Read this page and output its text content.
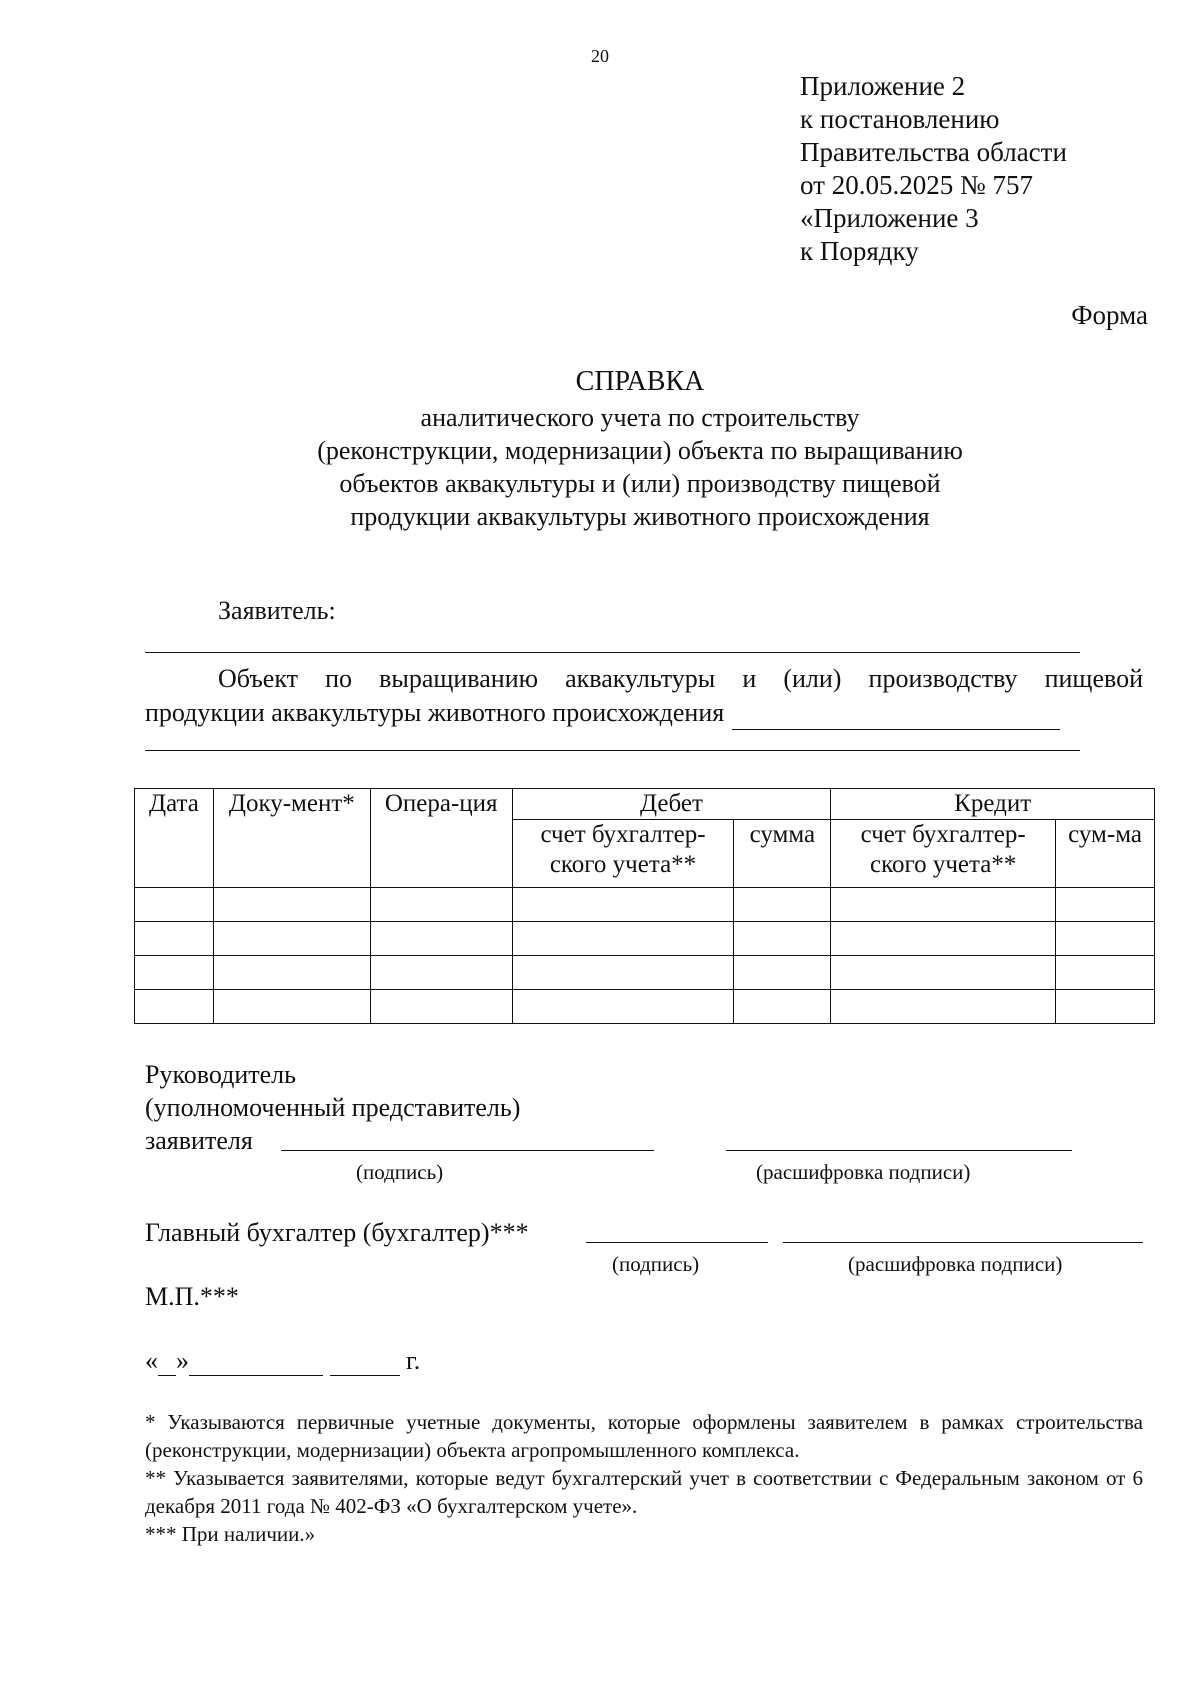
20
Приложение 2
к постановлению
Правительства области
от 20.05.2025 № 757
«Приложение 3
к Порядку
Форма
СПРАВКА
аналитического учета по строительству
(реконструкции, модернизации) объекта по выращиванию
объектов аквакультуры и (или) производству пищевой
продукции аквакультуры животного происхождения
Заявитель:
Объект по выращиванию аквакультуры и (или) производству пищевой
продукции аквакультуры животного происхождения
Дата	Доку-мент*	Опера-ция	Дебет		Кредит	
			счет бухгалтер-ского учета**	сумма	счет бухгалтер-ского учета**	сум-ма

Руководитель
(уполномоченный представитель)
заявителя
(подпись)	(расшифровка подписи)
Главный бухгалтер (бухгалтер)***
(подпись)	(расшифровка подписи)
М.П.***
« »	г.

* Указываются первичные учетные документы, которые оформлены заявителем в рамках строительства (реконструкции, модернизации) объекта агропромышленного комплекса.

** Указывается заявителями, которые ведут бухгалтерский учет в соответствии с Федеральным законом от 6 декабря 2011 года № 402-ФЗ «О бухгалтерском учете».

*** При наличии.»
